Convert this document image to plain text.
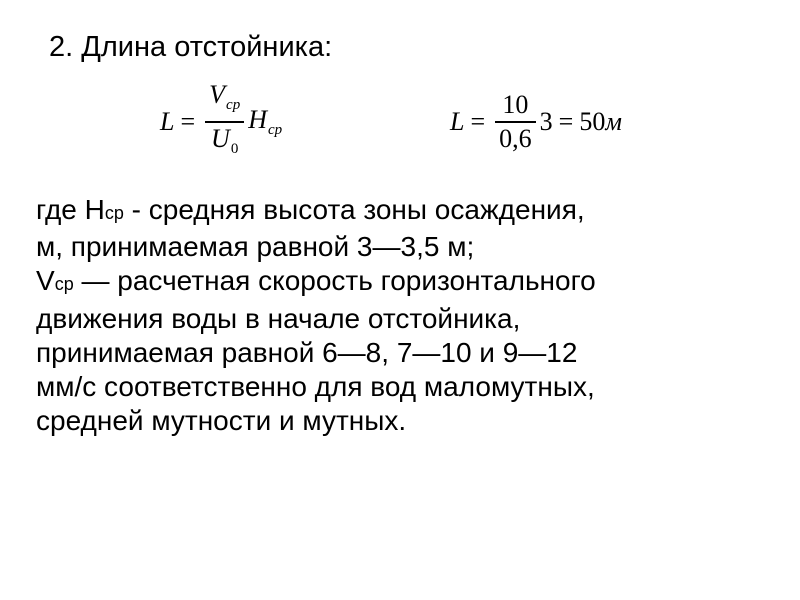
2. Длина отстойника:
$L = \frac{V_{ср}}{U_0} H_{ср}$	$L = \frac{10}{0,6} 3 = 50$ м
где Нср - средняя высота зоны осаждения,
м, принимаемая равной 3—3,5 м;
Vср — расчетная скорость горизонтального
движения воды в начале отстойника,
принимаемая равной 6—8, 7—10 и 9—12
мм/с соответственно для вод маломутных,
средней мутности и мутных.
